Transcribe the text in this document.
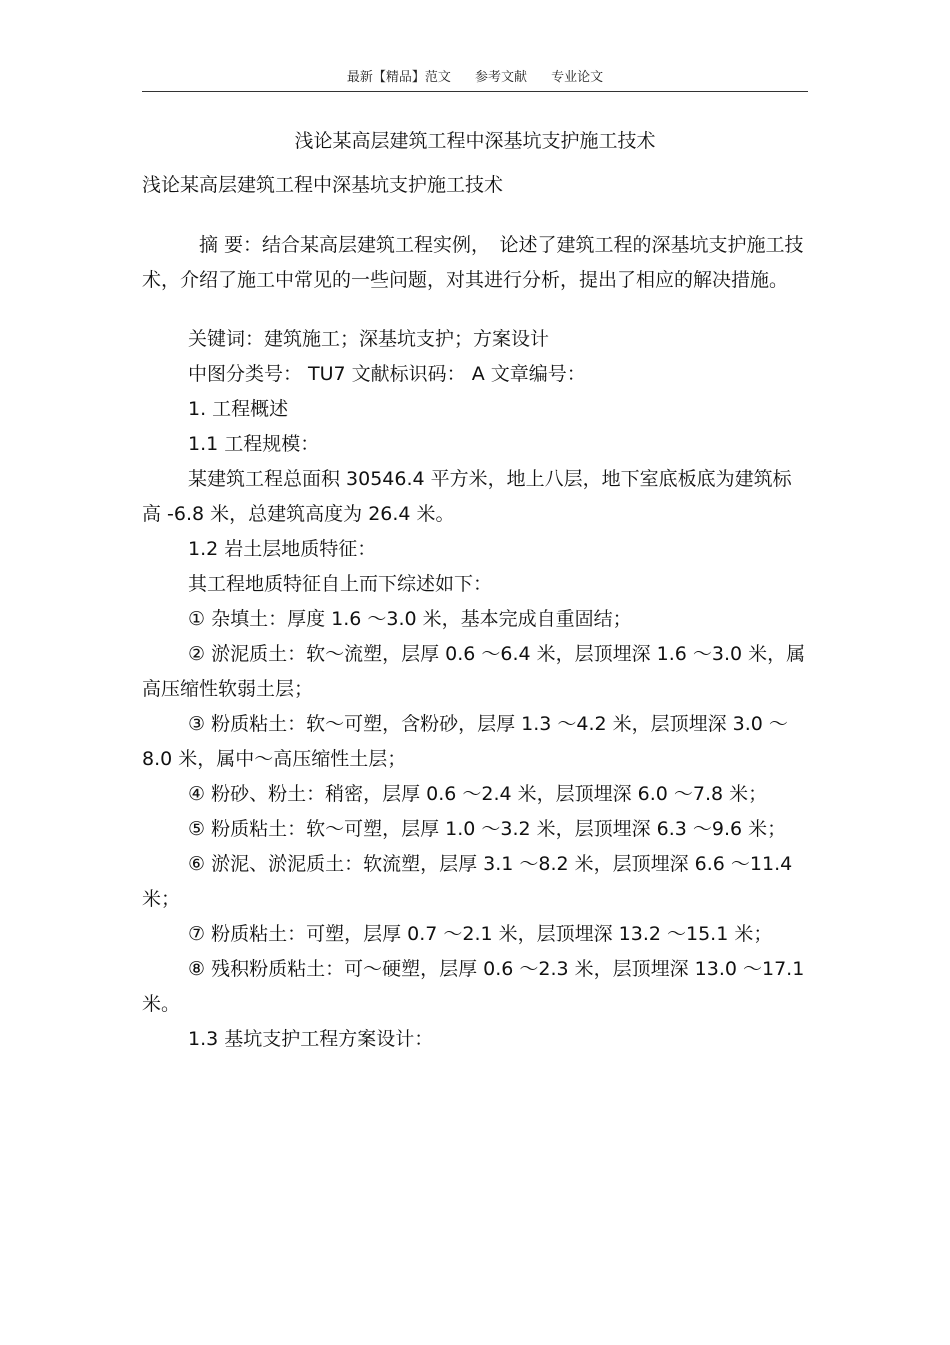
最新【精品】范文 参考文献 专业论文
浅论某高层建筑工程中深基坑支护施工技术
浅论某高层建筑工程中深基坑支护施工技术

摘 要：结合某高层建筑工程实例，　论述了建筑工程的深基坑支护施工技术，介绍了施工中常见的一些问题，对其进行分析，提出了相应的解决措施。

关键词：建筑施工；深基坑支护；方案设计

中图分类号： TU7 文献标识码： A 文章编号：

1. 工程概述

1.1 工程规模：

某建筑工程总面积 30546.4 平方米，地上八层，地下室底板底为建筑标高 -6.8 米，总建筑高度为 26.4 米。

1.2 岩土层地质特征：

其工程地质特征自上而下综述如下：

① 杂填土：厚度 1.6 ～3.0 米，基本完成自重固结；

② 淤泥质土：软～流塑，层厚 0.6 ～6.4 米，层顶埋深 1.6 ～3.0 米，属高压缩性软弱土层；

③ 粉质粘土：软～可塑，含粉砂，层厚 1.3 ～4.2 米，层顶埋深 3.0 ～8.0 米，属中～高压缩性土层；

④ 粉砂、粉土：稍密，层厚 0.6 ～2.4 米，层顶埋深 6.0 ～7.8 米；

⑤ 粉质粘土：软～可塑，层厚 1.0 ～3.2 米，层顶埋深 6.3 ～9.6 米；

⑥ 淤泥、淤泥质土：软流塑，层厚 3.1 ～8.2 米，层顶埋深 6.6 ～11.4 米；

⑦ 粉质粘土：可塑，层厚 0.7 ～2.1 米，层顶埋深 13.2 ～15.1 米；

⑧ 残积粉质粘土：可～硬塑，层厚 0.6 ～2.3 米，层顶埋深 13.0 ～17.1 米。

1.3 基坑支护工程方案设计：
